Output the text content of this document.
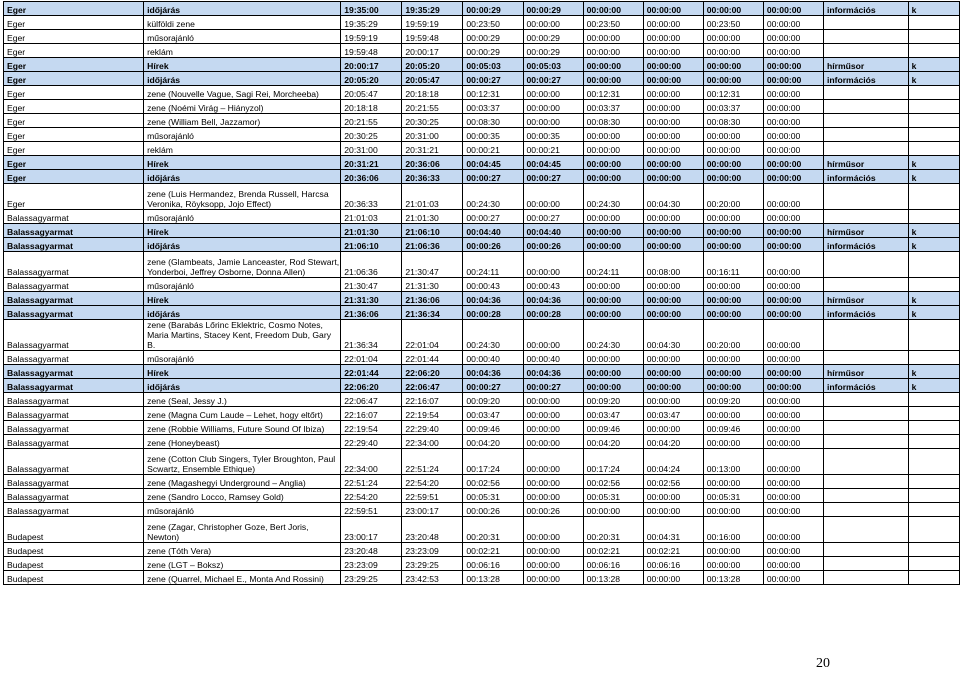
Eger	időjárás	19:35:00	19:35:29	00:00:29	00:00:29	00:00:00	00:00:00	00:00:00	00:00:00	információs	k
Eger	külföldi zene	19:35:29	19:59:19	00:23:50	00:00:00	00:23:50	00:00:00	00:23:50	00:00:00		
Eger	műsorajánló	19:59:19	19:59:48	00:00:29	00:00:29	00:00:00	00:00:00	00:00:00	00:00:00		
Eger	reklám	19:59:48	20:00:17	00:00:29	00:00:29	00:00:00	00:00:00	00:00:00	00:00:00		
Eger	Hírek	20:00:17	20:05:20	00:05:03	00:05:03	00:00:00	00:00:00	00:00:00	00:00:00	hírműsor	k
Eger	időjárás	20:05:20	20:05:47	00:00:27	00:00:27	00:00:00	00:00:00	00:00:00	00:00:00	információs	k
Eger	zene (Nouvelle Vague, Sagi Rei, Morcheeba)	20:05:47	20:18:18	00:12:31	00:00:00	00:12:31	00:00:00	00:12:31	00:00:00		
Eger	zene (Noémi Virág – Hiányzol)	20:18:18	20:21:55	00:03:37	00:00:00	00:03:37	00:00:00	00:03:37	00:00:00		
Eger	zene (William Bell, Jazzamor)	20:21:55	20:30:25	00:08:30	00:00:00	00:08:30	00:00:00	00:08:30	00:00:00		
Eger	műsorajánló	20:30:25	20:31:00	00:00:35	00:00:35	00:00:00	00:00:00	00:00:00	00:00:00		
Eger	reklám	20:31:00	20:31:21	00:00:21	00:00:21	00:00:00	00:00:00	00:00:00	00:00:00		
Eger	Hírek	20:31:21	20:36:06	00:04:45	00:04:45	00:00:00	00:00:00	00:00:00	00:00:00	hírműsor	k
Eger	időjárás	20:36:06	20:36:33	00:00:27	00:00:27	00:00:00	00:00:00	00:00:00	00:00:00	információs	k
Eger	zene (Luis Hermandez, Brenda Russell, Harcsa Veronika, Röyksopp, Jojo Effect)	20:36:33	21:01:03	00:24:30	00:00:00	00:24:30	00:04:30	00:20:00	00:00:00		
Balassagyarmat	műsorajánló	21:01:03	21:01:30	00:00:27	00:00:27	00:00:00	00:00:00	00:00:00	00:00:00		
Balassagyarmat	Hírek	21:01:30	21:06:10	00:04:40	00:04:40	00:00:00	00:00:00	00:00:00	00:00:00	hírműsor	k
Balassagyarmat	időjárás	21:06:10	21:06:36	00:00:26	00:00:26	00:00:00	00:00:00	00:00:00	00:00:00	információs	k
Balassagyarmat	zene (Glambeats, Jamie Lanceaster, Rod Stewart, Yonderboi, Jeffrey Osborne, Donna Allen)	21:06:36	21:30:47	00:24:11	00:00:00	00:24:11	00:08:00	00:16:11	00:00:00		
Balassagyarmat	műsorajánló	21:30:47	21:31:30	00:00:43	00:00:43	00:00:00	00:00:00	00:00:00	00:00:00		
Balassagyarmat	Hírek	21:31:30	21:36:06	00:04:36	00:04:36	00:00:00	00:00:00	00:00:00	00:00:00	hírműsor	k
Balassagyarmat	időjárás	21:36:06	21:36:34	00:00:28	00:00:28	00:00:00	00:00:00	00:00:00	00:00:00	információs	k
Balassagyarmat	zene (Barabás Lőrinc Eklektric, Cosmo Notes, Maria Martins, Stacey Kent, Freedom Dub, Gary B.	21:36:34	22:01:04	00:24:30	00:00:00	00:24:30	00:04:30	00:20:00	00:00:00		
Balassagyarmat	műsorajánló	22:01:04	22:01:44	00:00:40	00:00:40	00:00:00	00:00:00	00:00:00	00:00:00		
Balassagyarmat	Hírek	22:01:44	22:06:20	00:04:36	00:04:36	00:00:00	00:00:00	00:00:00	00:00:00	hírműsor	k
Balassagyarmat	időjárás	22:06:20	22:06:47	00:00:27	00:00:27	00:00:00	00:00:00	00:00:00	00:00:00	információs	k
Balassagyarmat	zene (Seal, Jessy J.)	22:06:47	22:16:07	00:09:20	00:00:00	00:09:20	00:00:00	00:09:20	00:00:00		
Balassagyarmat	zene (Magna Cum Laude – Lehet, hogy eltőrt)	22:16:07	22:19:54	00:03:47	00:00:00	00:03:47	00:03:47	00:00:00	00:00:00		
Balassagyarmat	zene (Robbie Williams, Future Sound Of Ibiza)	22:19:54	22:29:40	00:09:46	00:00:00	00:09:46	00:00:00	00:09:46	00:00:00		
Balassagyarmat	zene (Honeybeast)	22:29:40	22:34:00	00:04:20	00:00:00	00:04:20	00:04:20	00:00:00	00:00:00		
Balassagyarmat	zene (Cotton Club Singers, Tyler Broughton, Paul Scwartz, Ensemble Ethique)	22:34:00	22:51:24	00:17:24	00:00:00	00:17:24	00:04:24	00:13:00	00:00:00		
Balassagyarmat	zene (Magashegyi Underground – Anglia)	22:51:24	22:54:20	00:02:56	00:00:00	00:02:56	00:02:56	00:00:00	00:00:00		
Balassagyarmat	zene (Sandro Locco, Ramsey Gold)	22:54:20	22:59:51	00:05:31	00:00:00	00:05:31	00:00:00	00:05:31	00:00:00		
Balassagyarmat	műsorajánló	22:59:51	23:00:17	00:00:26	00:00:26	00:00:00	00:00:00	00:00:00	00:00:00		
Budapest	zene (Zagar, Christopher Goze, Bert Joris, Newton)	23:00:17	23:20:48	00:20:31	00:00:00	00:20:31	00:04:31	00:16:00	00:00:00		
Budapest	zene (Tóth Vera)	23:20:48	23:23:09	00:02:21	00:00:00	00:02:21	00:02:21	00:00:00	00:00:00		
Budapest	zene (LGT – Boksz)	23:23:09	23:29:25	00:06:16	00:00:00	00:06:16	00:06:16	00:00:00	00:00:00		
Budapest	zene (Quarrel, Michael E., Monta And Rossini)	23:29:25	23:42:53	00:13:28	00:00:00	00:13:28	00:00:00	00:13:28	00:00:00		
20
